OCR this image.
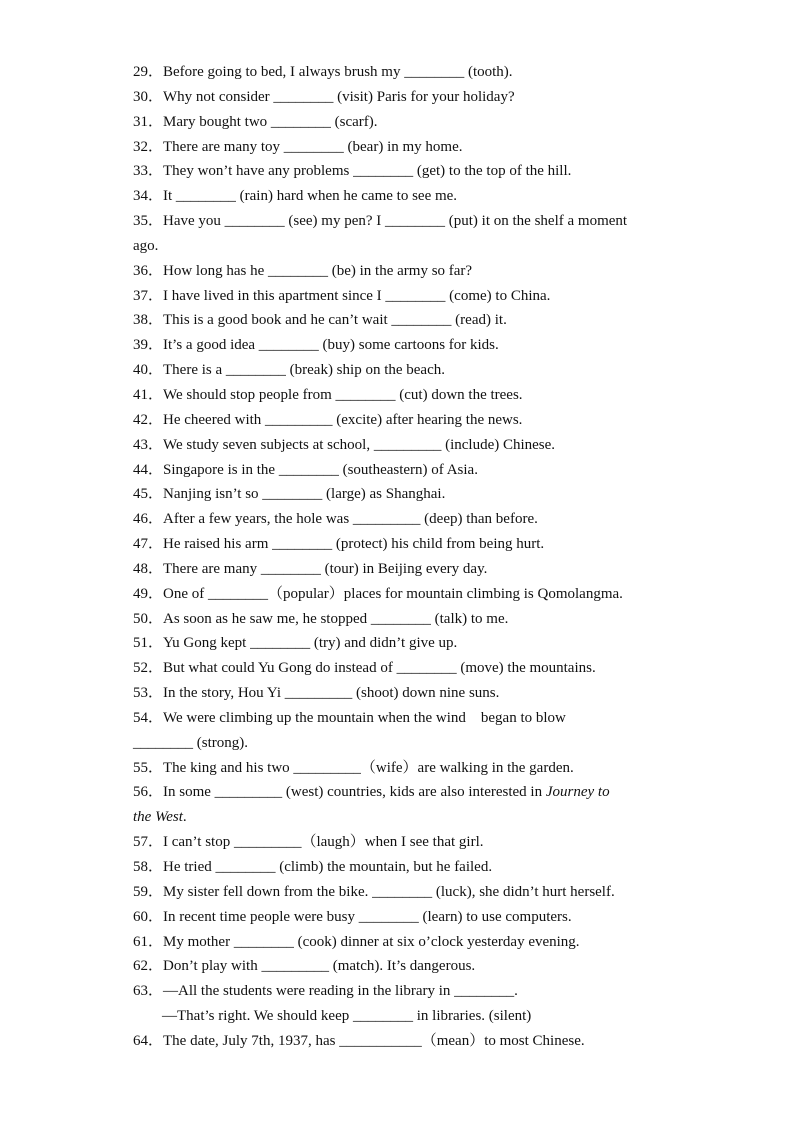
29．Before going to bed, I always brush my ________ (tooth).
30．Why not consider ________ (visit) Paris for your holiday?
31．Mary bought two ________ (scarf).
32．There are many toy ________ (bear) in my home.
33．They won’t have any problems ________ (get) to the top of the hill.
34．It ________ (rain) hard when he came to see me.
35．Have you ________ (see) my pen? I ________ (put) it on the shelf a moment
ago.
36．How long has he ________ (be) in the army so far?
37．I have lived in this apartment since I ________ (come) to China.
38．This is a good book and he can’t wait ________ (read) it.
39．It’s a good idea ________ (buy) some cartoons for kids.
40．There is a ________ (break) ship on the beach.
41．We should stop people from ________ (cut) down the trees.
42．He cheered with _________ (excite) after hearing the news.
43．We study seven subjects at school, _________ (include) Chinese.
44．Singapore is in the ________ (southeastern) of Asia.
45．Nanjing isn’t so ________ (large) as Shanghai.
46．After a few years, the hole was _________ (deep) than before.
47．He raised his arm ________ (protect) his child from being hurt.
48．There are many ________ (tour) in Beijing every day.
49．One of ________（popular）places for mountain climbing is Qomolangma.
50．As soon as he saw me, he stopped ________ (talk) to me.
51．Yu Gong kept ________ (try) and didn’t give up.
52．But what could Yu Gong do instead of ________ (move) the mountains.
53．In the story, Hou Yi _________ (shoot) down nine suns.
54．We were climbing up the mountain when the wind    began to blow
________ (strong).
55．The king and his two _________（wife）are walking in the garden.
56．In some _________ (west) countries, kids are also interested in Journey to
the West.
57．I can’t stop _________（laugh）when I see that girl.
58．He tried ________ (climb) the mountain, but he failed.
59．My sister fell down from the bike. ________ (luck), she didn’t hurt herself.
60．In recent time people were busy ________ (learn) to use computers.
61．My mother ________ (cook) dinner at six o’clock yesterday evening.
62．Don’t play with _________ (match). It’s dangerous.
63．—All the students were reading in the library in ________.
—That’s right. We should keep ________ in libraries. (silent)
64．The date, July 7th, 1937, has ___________（mean）to most Chinese.
